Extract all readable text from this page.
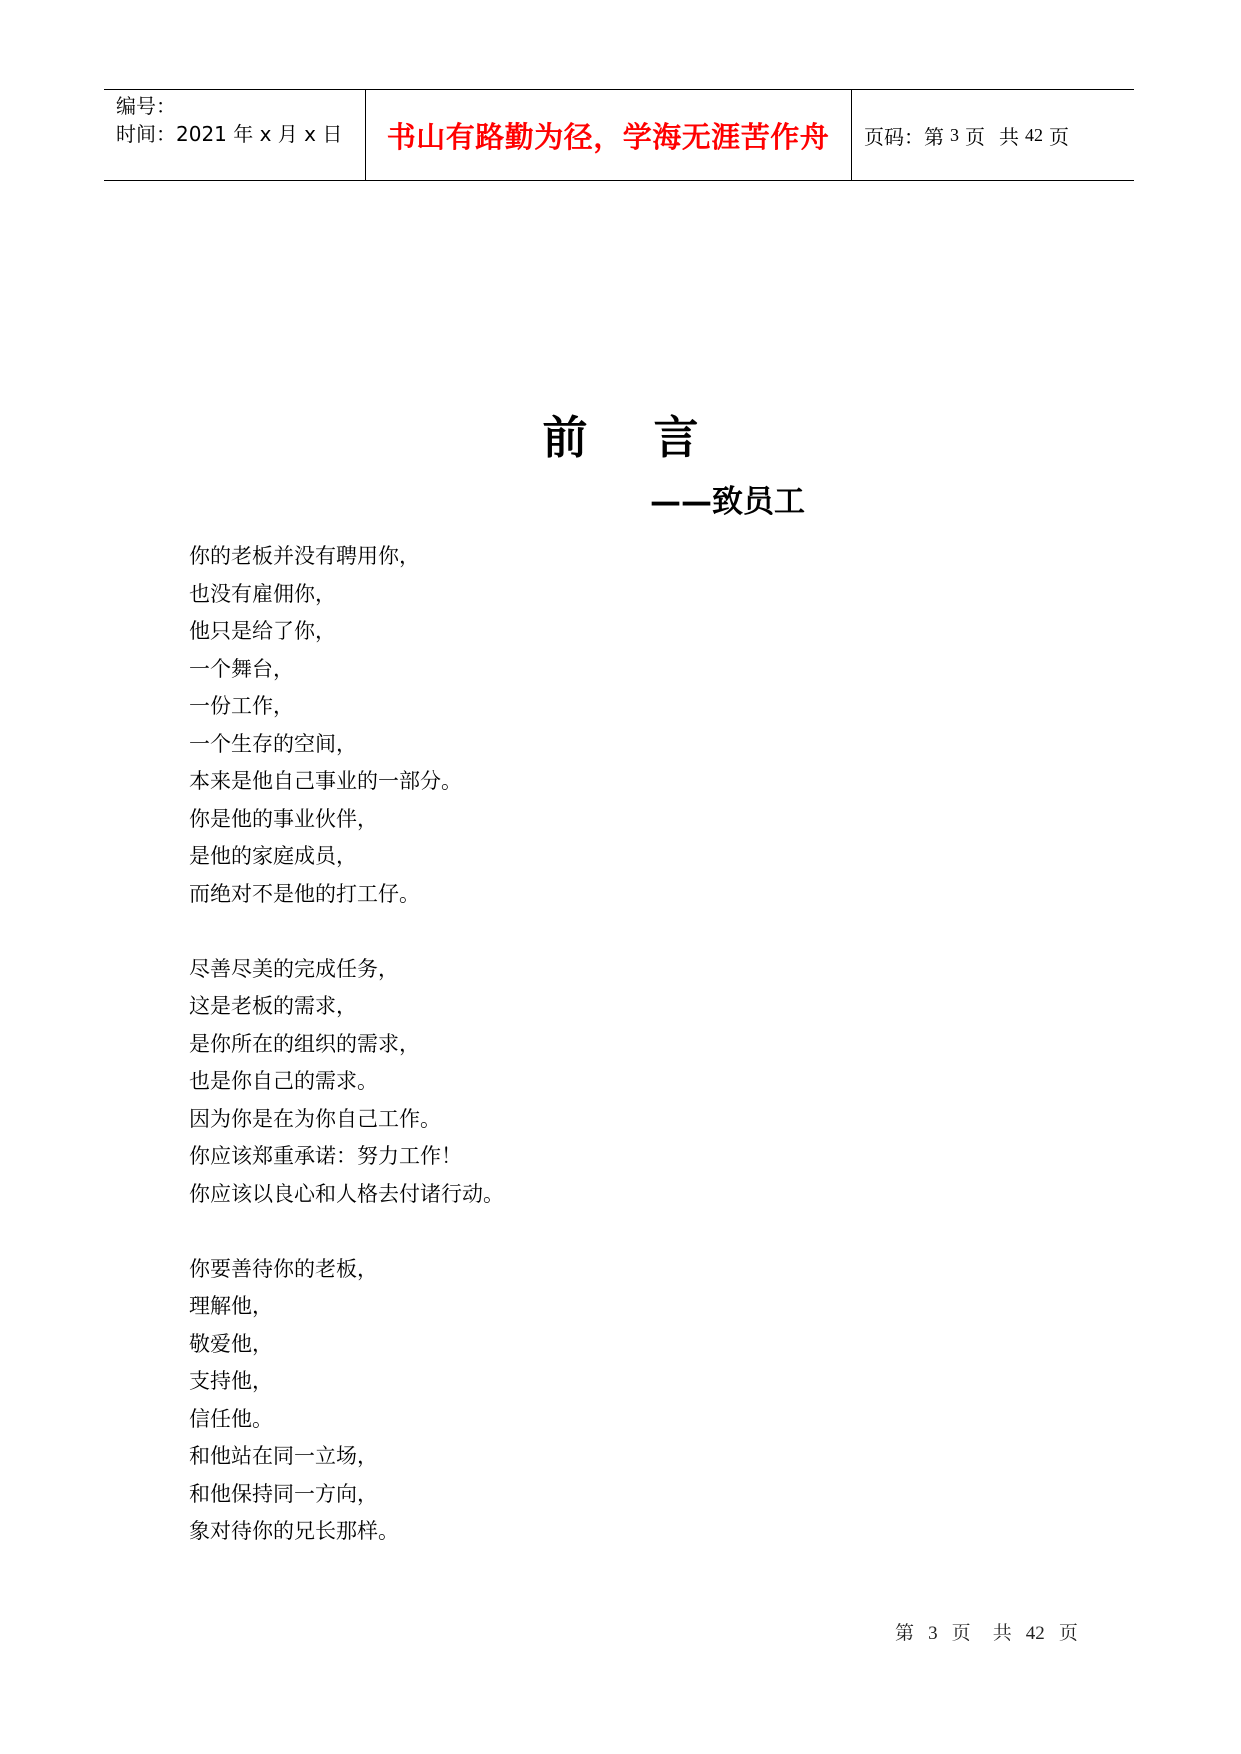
编号：
时间：2021 年 x 月 x 日	书山有路勤为径，学海无涯苦作舟	页码：第 3 页 共 42 页
前 言
——致员工
你的老板并没有聘用你，
也没有雇佣你，
他只是给了你，
一个舞台，
一份工作，
一个生存的空间，
本来是他自己事业的一部分。
你是他的事业伙伴，
是他的家庭成员，
而绝对不是他的打工仔。
尽善尽美的完成任务，
这是老板的需求，
是你所在的组织的需求，
也是你自己的需求。
因为你是在为你自己工作。
你应该郑重承诺：努力工作！
你应该以良心和人格去付诸行动。
你要善待你的老板，
理解他，
敬爱他，
支持他，
信任他。
和他站在同一立场，
和他保持同一方向，
象对待你的兄长那样。
第 3 页 共 42 页
